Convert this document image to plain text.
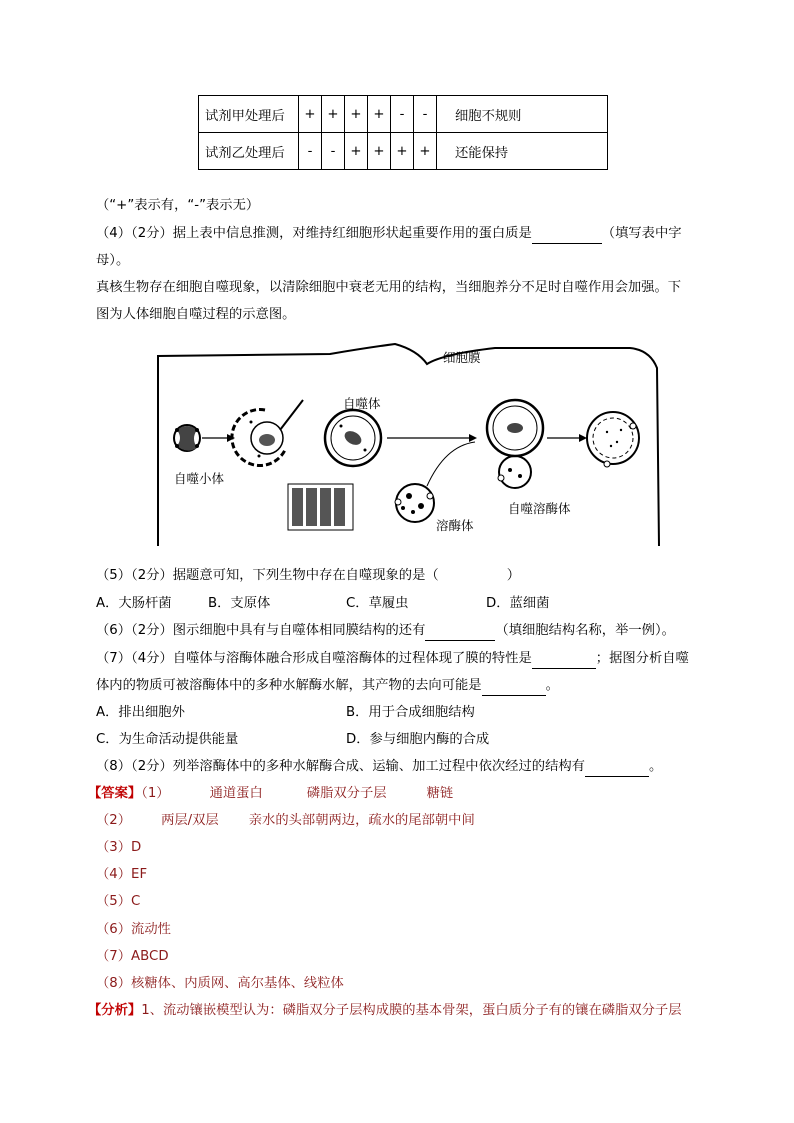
试剂甲处理后	+	+	+	+	-	-	细胞不规则
试剂乙处理后	-	-	+	+	+	+	还能保持
（“+”表示有，“-”表示无）
（4）（2分）据上表中信息推测，对维持红细胞形状起重要作用的蛋白质是	（填写表中字
母）。
真核生物存在细胞自噬现象，以清除细胞中衰老无用的结构，当细胞养分不足时自噬作用会加强。下
图为人体细胞自噬过程的示意图。
细胞膜
自噬体
自噬小体
溶酶体
自噬溶酶体
（5）（2分）据题意可知，下列生物中存在自噬现象的是（	）
A．大肠杆菌	B．支原体	C．草履虫	D．蓝细菌
（6）（2分）图示细胞中具有与自噬体相同膜结构的还有	（填细胞结构名称，举一例）。
（7）（4分）自噬体与溶酶体融合形成自噬溶酶体的过程体现了膜的特性是	；据图分析自噬
体内的物质可被溶酶体中的多种水解酶水解，其产物的去向可能是	。
A．排出细胞外	B．用于合成细胞结构
C．为生命活动提供能量	D．参与细胞内酶的合成
（8）（2分）列举溶酶体中的多种水解酶合成、运输、加工过程中依次经过的结构有	。
【答案】（1）	通道蛋白	磷脂双分子层	糖链
（2） 两层/双层 亲水的头部朝两边，疏水的尾部朝中间
（3）D
（4）EF
（5）C
（6）流动性
（7）ABCD
（8）核糖体、内质网、高尔基体、线粒体
【分析】1、流动镶嵌模型认为：磷脂双分子层构成膜的基本骨架，蛋白质分子有的镶在磷脂双分子层
